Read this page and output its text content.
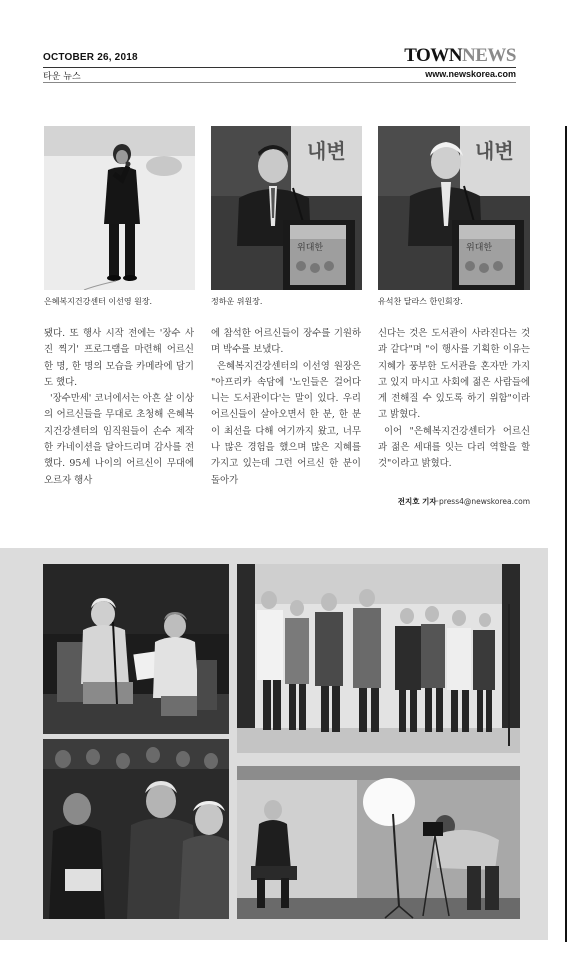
OCTOBER 26, 2018
타운 뉴스
TOWNNEWS
www.newskorea.com
은혜복지건강센터 이선영 원장.
내변
위대한
정하운 위원장.
내변
위대한
유석찬 달라스 한인회장.

됐다. 또 행사 시작 전에는 '장수 사진 찍기' 프로그램을 마련해 어르신 한 명, 한 명의 모습을 카메라에 담기도 했다.

'장수만세' 코너에서는 아흔 살 이상의 어르신들을 무대로 초청해 은혜복지건강센터의 임직원들이 손수 제작한 카네이션을 달아드리며 감사를 전했다. 95세 나이의 어르신이 무대에 오르자 행사

에 참석한 어르신들이 장수를 기원하며 박수를 보냈다.

은혜복지건강센터의 이선영 원장은 "아프리카 속담에 '노인들은 걸어다니는 도서관이다'는 말이 있다. 우리 어르신들이 살아오면서 한 분, 한 분이 최선을 다해 여기까지 왔고, 너무나 많은 경험을 했으며 많은 지혜를 가지고 있는데 그런 어르신 한 분이 돌아가

신다는 것은 도서관이 사라진다는 것과 같다"며 "이 행사를 기획한 이유는 지혜가 풍부한 도서관을 혼자만 가지고 있지 마시고 사회에 젊은 사람들에게 전해질 수 있도록 하기 위함"이라고 밝혔다.

이어 "은혜복지건강센터가 어르신과 젊은 세대를 잇는 다리 역할을 할 것"이라고 밝혔다.

전지호 기자·press4@newskorea.com
